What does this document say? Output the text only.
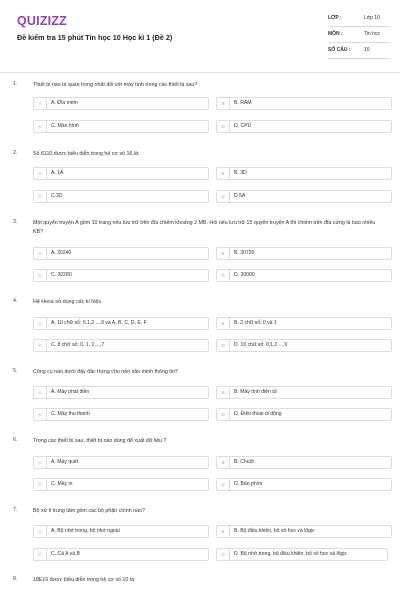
QUIZIZZ
Đề kiểm tra 15 phút Tin học 10 Học kì 1 (Đề 2)
LỚP :	Lớp 10
MÔN :	Tin học
SỐ CÂU :	10
1.	Thiết bị nào là quan trọng nhất đối với máy tính trong các thiết bị sau?
A	A. Đĩa mềm	B	B. RAM
C	C. Màn hình	D	D. CPU
2.	Số 6110 được biểu diễn trong hệ cơ số 16 là:
A	A. 1A	B	B. 3D
C	C.2D	D	D.5A
3.	Một quyển truyện A gồm 10 trang nếu lưu trữ trên đĩa chiếm khoảng 2 MB. Hỏi nếu lưu trữ 15 quyển truyện A thì chiếm trên đĩa cứng là bao nhiêu KB?
A	A. 20240	B	B. 30720
C	C. 30280	D	D. 30000
4.	Hệ Hexa sử dụng các kí hiệu
A	A. 10 chữ số: 0,1,2 ...,9 và A, B, C, D, E, F	B	B. 2 chữ số: 0 và 1
C	C. 8 chữ số: 0, 1, 2,...,7	D	D. 10 chữ số: 0,1,2 ...,9
5.	Công cụ nào dưới đây đặc trưng cho nền văn minh thông tin?
A	A. Máy phát điện	B	B. Máy tính điện tử
C	C. Máy thu thanh	D	D. Điện thoại di động
6.	Trong các thiết bị sau, thiết bị nào dùng để xuất dữ liệu ?
A	A. Máy quét	B	B. Chuột
C	C. Máy in	D	D. Bàn phím
7.	Bộ xử lí trung tâm gồm các bộ phận chính nào?
A	A. Bộ nhớ trong, bộ nhớ ngoài	B	B. Bộ điều khiển, bộ số học và lôgic
C	C. Cả A và B	D	D. Bộ nhớ trong, bộ điều khiển, bộ số học và lôgic
8.	18E16 được biểu diễn trong hệ cơ số 10 là:
